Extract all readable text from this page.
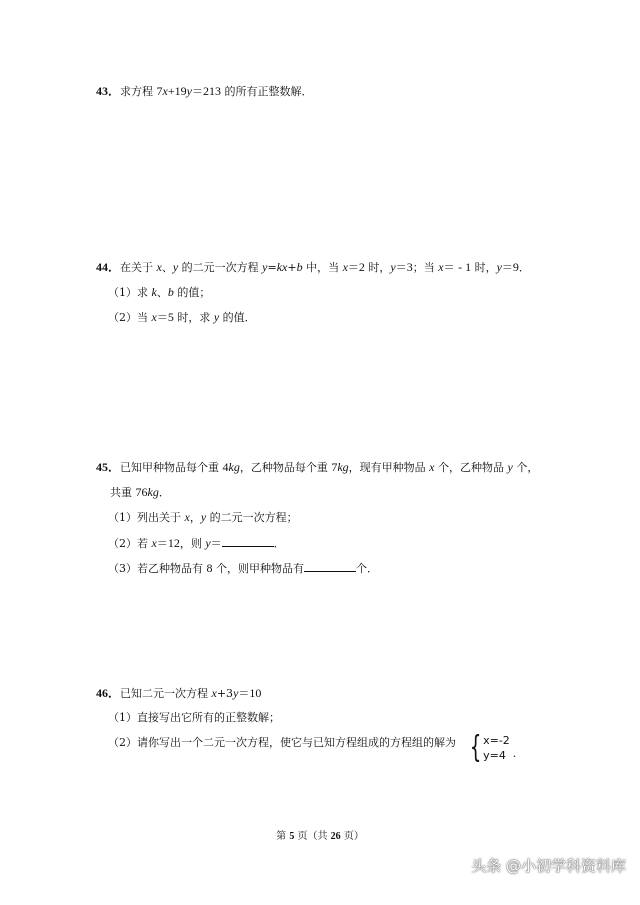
43．求方程 7x+19y＝213 的所有正整数解．
44．在关于 x、y 的二元一次方程 y=kx+b 中，当 x＝2 时，y＝3；当 x＝ - 1 时，y＝9．
（1）求 k、b 的值；
（2）当 x＝5 时，求 y 的值．
45．已知甲种物品每个重 4kg，乙种物品每个重 7kg，现有甲种物品 x 个，乙种物品 y 个，
共重 76kg．
（1）列出关于 x，y 的二元一次方程；
（2）若 x＝12，则 y＝	．
（3）若乙种物品有 8 个，则甲种物品有	个．
46．已知二元一次方程 x+3y＝10
（1）直接写出它所有的正整数解；
（2）请你写出一个二元一次方程，使它与已知方程组成的方程组的解为 { x=-2
y=4 .
第 5 页（共 26 页）
头条 @小初学科资料库
